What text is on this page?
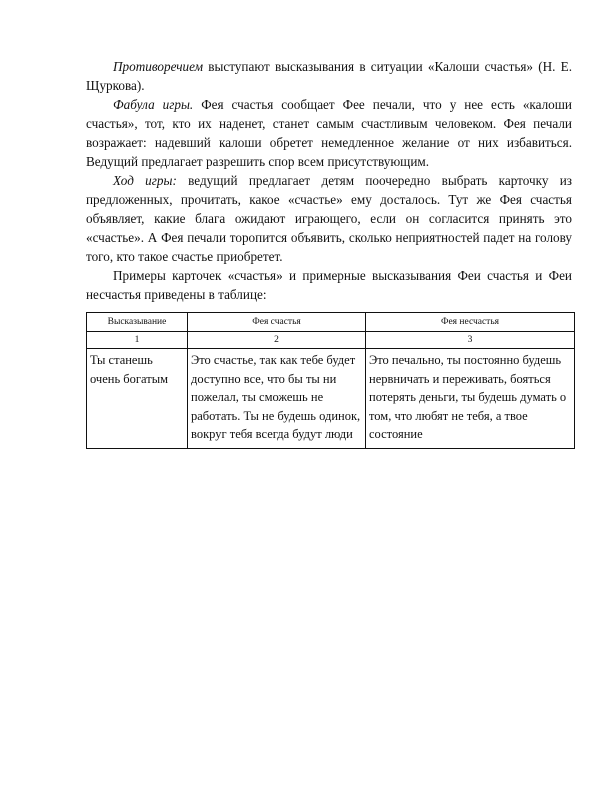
Противоречием выступают высказывания в ситуации «Калоши счастья» (Н. Е. Щуркова).

Фабула игры. Фея счастья сообщает Фее печали, что у нее есть «калоши счастья», тот, кто их наденет, станет самым счастливым человеком. Фея печали возражает: надевший калоши обретет немедленное желание от них избавиться. Ведущий предлагает разрешить спор всем присутствующим.

Ход игры: ведущий предлагает детям поочередно выбрать карточку из предложенных, прочитать, какое «счастье» ему досталось. Тут же Фея счастья объявляет, какие блага ожидают играющего, если он согласится принять это «счастье». А Фея печали торопится объявить, сколько неприятностей падет на голову того, кто такое счастье приобретет.

Примеры карточек «счастья» и примерные высказывания Феи счастья и Феи несчастья приведены в таблице:

Высказывание	Фея счастья	Фея несчастья
1	2	3
Ты станешь очень богатым	Это счастье, так как тебе будет доступно все, что бы ты ни пожелал, ты сможешь не работать. Ты не будешь одинок, вокруг тебя всегда будут люди	Это печально, ты постоянно будешь нервничать и переживать, бояться потерять деньги, ты будешь думать о том, что любят не тебя, а твое состояние
